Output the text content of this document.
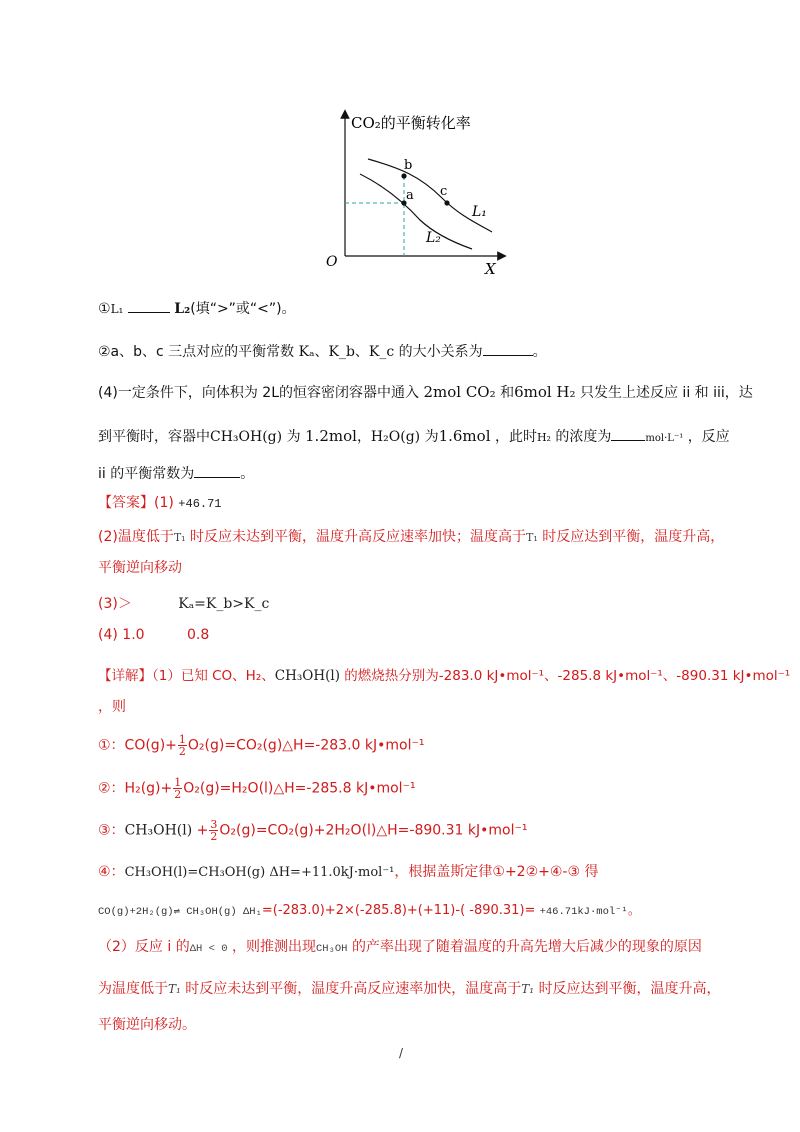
CO₂的平衡转化率
O	X
b
a c
L₁
L₂
①L₁	L₂(填“>”或“<”)。
②a、b、c 三点对应的平衡常数 Kₐ、K_b、K_c 的大小关系为	。
(4)一定条件下，向体积为 2L的恒容密闭容器中通入 2mol CO₂ 和6mol H₂ 只发生上述反应 ii 和 iii，达
到平衡时，容器中CH₃OH(g) 为 1.2mol，H₂O(g) 为1.6mol ，此时H₂ 的浓度为	mol·L⁻¹ ，反应
ii 的平衡常数为	。
【答案】(1) +46.71
(2)温度低于T₁ 时反应未达到平衡，温度升高反应速率加快；温度高于T₁ 时反应达到平衡，温度升高，
平衡逆向移动
(3)＞	Kₐ=K_b>K_c
(4) 1.0	0.8
【详解】（1）已知 CO、H₂、CH₃OH(l) 的燃烧热分别为-283.0 kJ•mol⁻¹、-285.8 kJ•mol⁻¹、-890.31 kJ•mol⁻¹
，则
①：$CO(g)+ \frac{1}{2}$ O₂(g)=CO₂(g)△H=-283.0 kJ•mol⁻¹
②：$H_2(g)+ \frac{1}{2}$ O₂(g)=H₂O(l)△H=-285.8 kJ•mol⁻¹
③：$CH_3OH(l) + \frac{3}{2}$ O₂(g)=CO₂(g)+2H₂O(l)△H=-890.31 kJ•mol⁻¹
④：CH₃OH(l)=CH₃OH(g) ΔH=+11.0kJ·mol⁻¹，根据盖斯定律①+2②+④-③ 得
CO(g)+2H₂(g)⇌ CH₃OH(g) ΔH₁=(-283.0)+2×(-285.8)+(+11)-( -890.31)= +46.71kJ·mol⁻¹。
（2）反应 i 的ΔH < 0 ，则推测出现CH₃OH 的产率出现了随着温度的升高先增大后减少的现象的原因
为温度低于T₁ 时反应未达到平衡，温度升高反应速率加快，温度高于T₁ 时反应达到平衡，温度升高，
平衡逆向移动。
/
